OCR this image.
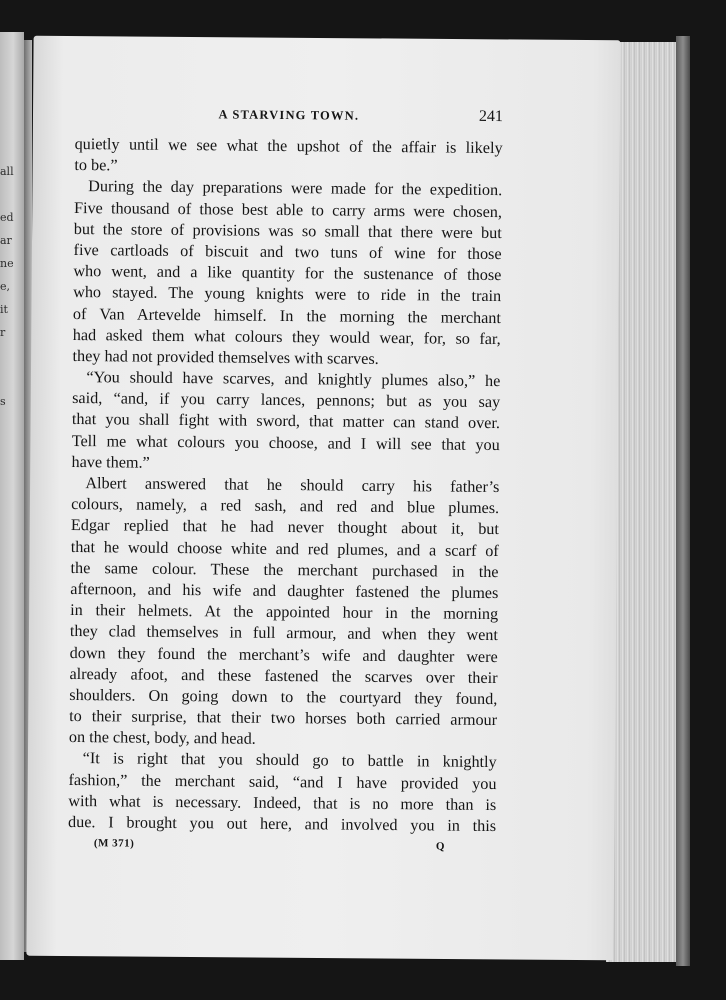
all

ed
ar
ne
e,
it
r

s
A STARVING TOWN.	241
quietly until we see what the upshot of the affair is likely
to be.”
During the day preparations were made for the expedition.
Five thousand of those best able to carry arms were chosen,
but the store of provisions was so small that there were but
five cartloads of biscuit and two tuns of wine for those
who went, and a like quantity for the sustenance of those
who stayed. The young knights were to ride in the train
of Van Artevelde himself. In the morning the merchant
had asked them what colours they would wear, for, so far,
they had not provided themselves with scarves.
“You should have scarves, and knightly plumes also,” he
said, “and, if you carry lances, pennons; but as you say
that you shall fight with sword, that matter can stand over.
Tell me what colours you choose, and I will see that you
have them.”
Albert answered that he should carry his father’s
colours, namely, a red sash, and red and blue plumes.
Edgar replied that he had never thought about it, but
that he would choose white and red plumes, and a scarf of
the same colour. These the merchant purchased in the
afternoon, and his wife and daughter fastened the plumes
in their helmets. At the appointed hour in the morning
they clad themselves in full armour, and when they went
down they found the merchant’s wife and daughter were
already afoot, and these fastened the scarves over their
shoulders. On going down to the courtyard they found,
to their surprise, that their two horses both carried armour
on the chest, body, and head.
“It is right that you should go to battle in knightly
fashion,” the merchant said, “and I have provided you
with what is necessary. Indeed, that is no more than is
due. I brought you out here, and involved you in this
(M 371)	Q
